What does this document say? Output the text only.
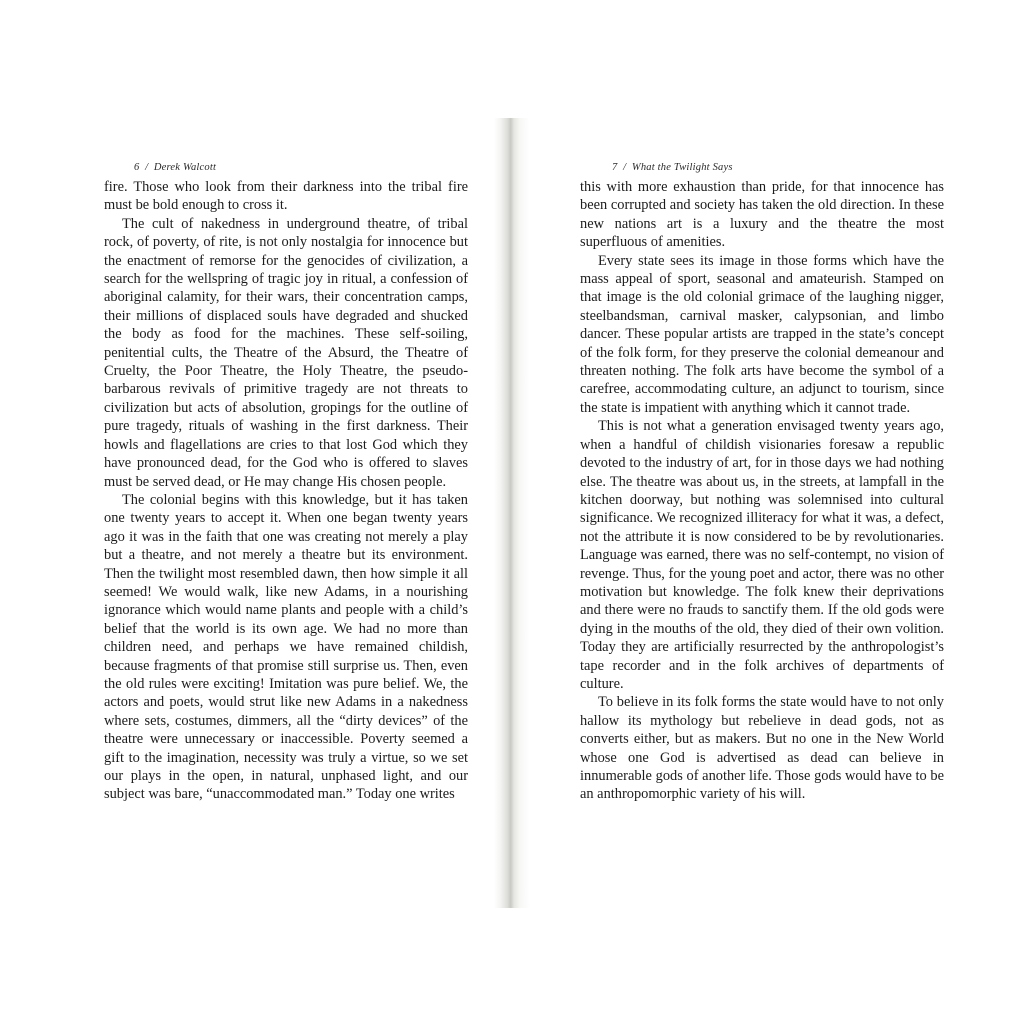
6 / Derek Walcott

fire. Those who look from their darkness into the tribal fire must be bold enough to cross it.

The cult of nakedness in underground theatre, of tribal rock, of poverty, of rite, is not only nostalgia for innocence but the enactment of remorse for the genocides of civilization, a search for the wellspring of tragic joy in ritual, a confession of aboriginal calamity, for their wars, their concentration camps, their millions of displaced souls have degraded and shucked the body as food for the machines. These self-soiling, penitential cults, the Theatre of the Absurd, the Theatre of Cruelty, the Poor Theatre, the Holy Theatre, the pseudo-barbarous revivals of primitive tragedy are not threats to civilization but acts of absolution, gropings for the outline of pure tragedy, rituals of washing in the first darkness. Their howls and flagellations are cries to that lost God which they have pronounced dead, for the God who is offered to slaves must be served dead, or He may change His chosen people.

The colonial begins with this knowledge, but it has taken one twenty years to accept it. When one began twenty years ago it was in the faith that one was creating not merely a play but a theatre, and not merely a theatre but its environment. Then the twilight most resembled dawn, then how simple it all seemed! We would walk, like new Adams, in a nourishing ignorance which would name plants and people with a child’s belief that the world is its own age. We had no more than children need, and perhaps we have remained childish, because fragments of that promise still surprise us. Then, even the old rules were exciting! Imitation was pure belief. We, the actors and poets, would strut like new Adams in a nakedness where sets, costumes, dimmers, all the “dirty devices” of the theatre were unnecessary or inaccessible. Poverty seemed a gift to the imagination, necessity was truly a virtue, so we set our plays in the open, in natural, unphased light, and our subject was bare, “unaccommodated man.” Today one writes

7 / What the Twilight Says

this with more exhaustion than pride, for that innocence has been corrupted and society has taken the old direction. In these new nations art is a luxury and the theatre the most superfluous of amenities.

Every state sees its image in those forms which have the mass appeal of sport, seasonal and amateurish. Stamped on that image is the old colonial grimace of the laughing nigger, steelbandsman, carnival masker, calypsonian, and limbo dancer. These popular artists are trapped in the state’s concept of the folk form, for they preserve the colonial demeanour and threaten nothing. The folk arts have become the symbol of a carefree, accommodating culture, an adjunct to tourism, since the state is impatient with anything which it cannot trade.

This is not what a generation envisaged twenty years ago, when a handful of childish visionaries foresaw a republic devoted to the industry of art, for in those days we had nothing else. The theatre was about us, in the streets, at lampfall in the kitchen doorway, but nothing was solemnised into cultural significance. We recognized illiteracy for what it was, a defect, not the attribute it is now considered to be by revolutionaries. Language was earned, there was no self-contempt, no vision of revenge. Thus, for the young poet and actor, there was no other motivation but knowledge. The folk knew their deprivations and there were no frauds to sanctify them. If the old gods were dying in the mouths of the old, they died of their own volition. Today they are artificially resurrected by the anthropologist’s tape recorder and in the folk archives of departments of culture.

To believe in its folk forms the state would have to not only hallow its mythology but rebelieve in dead gods, not as converts either, but as makers. But no one in the New World whose one God is advertised as dead can believe in innumerable gods of another life. Those gods would have to be an anthropomorphic variety of his will.
